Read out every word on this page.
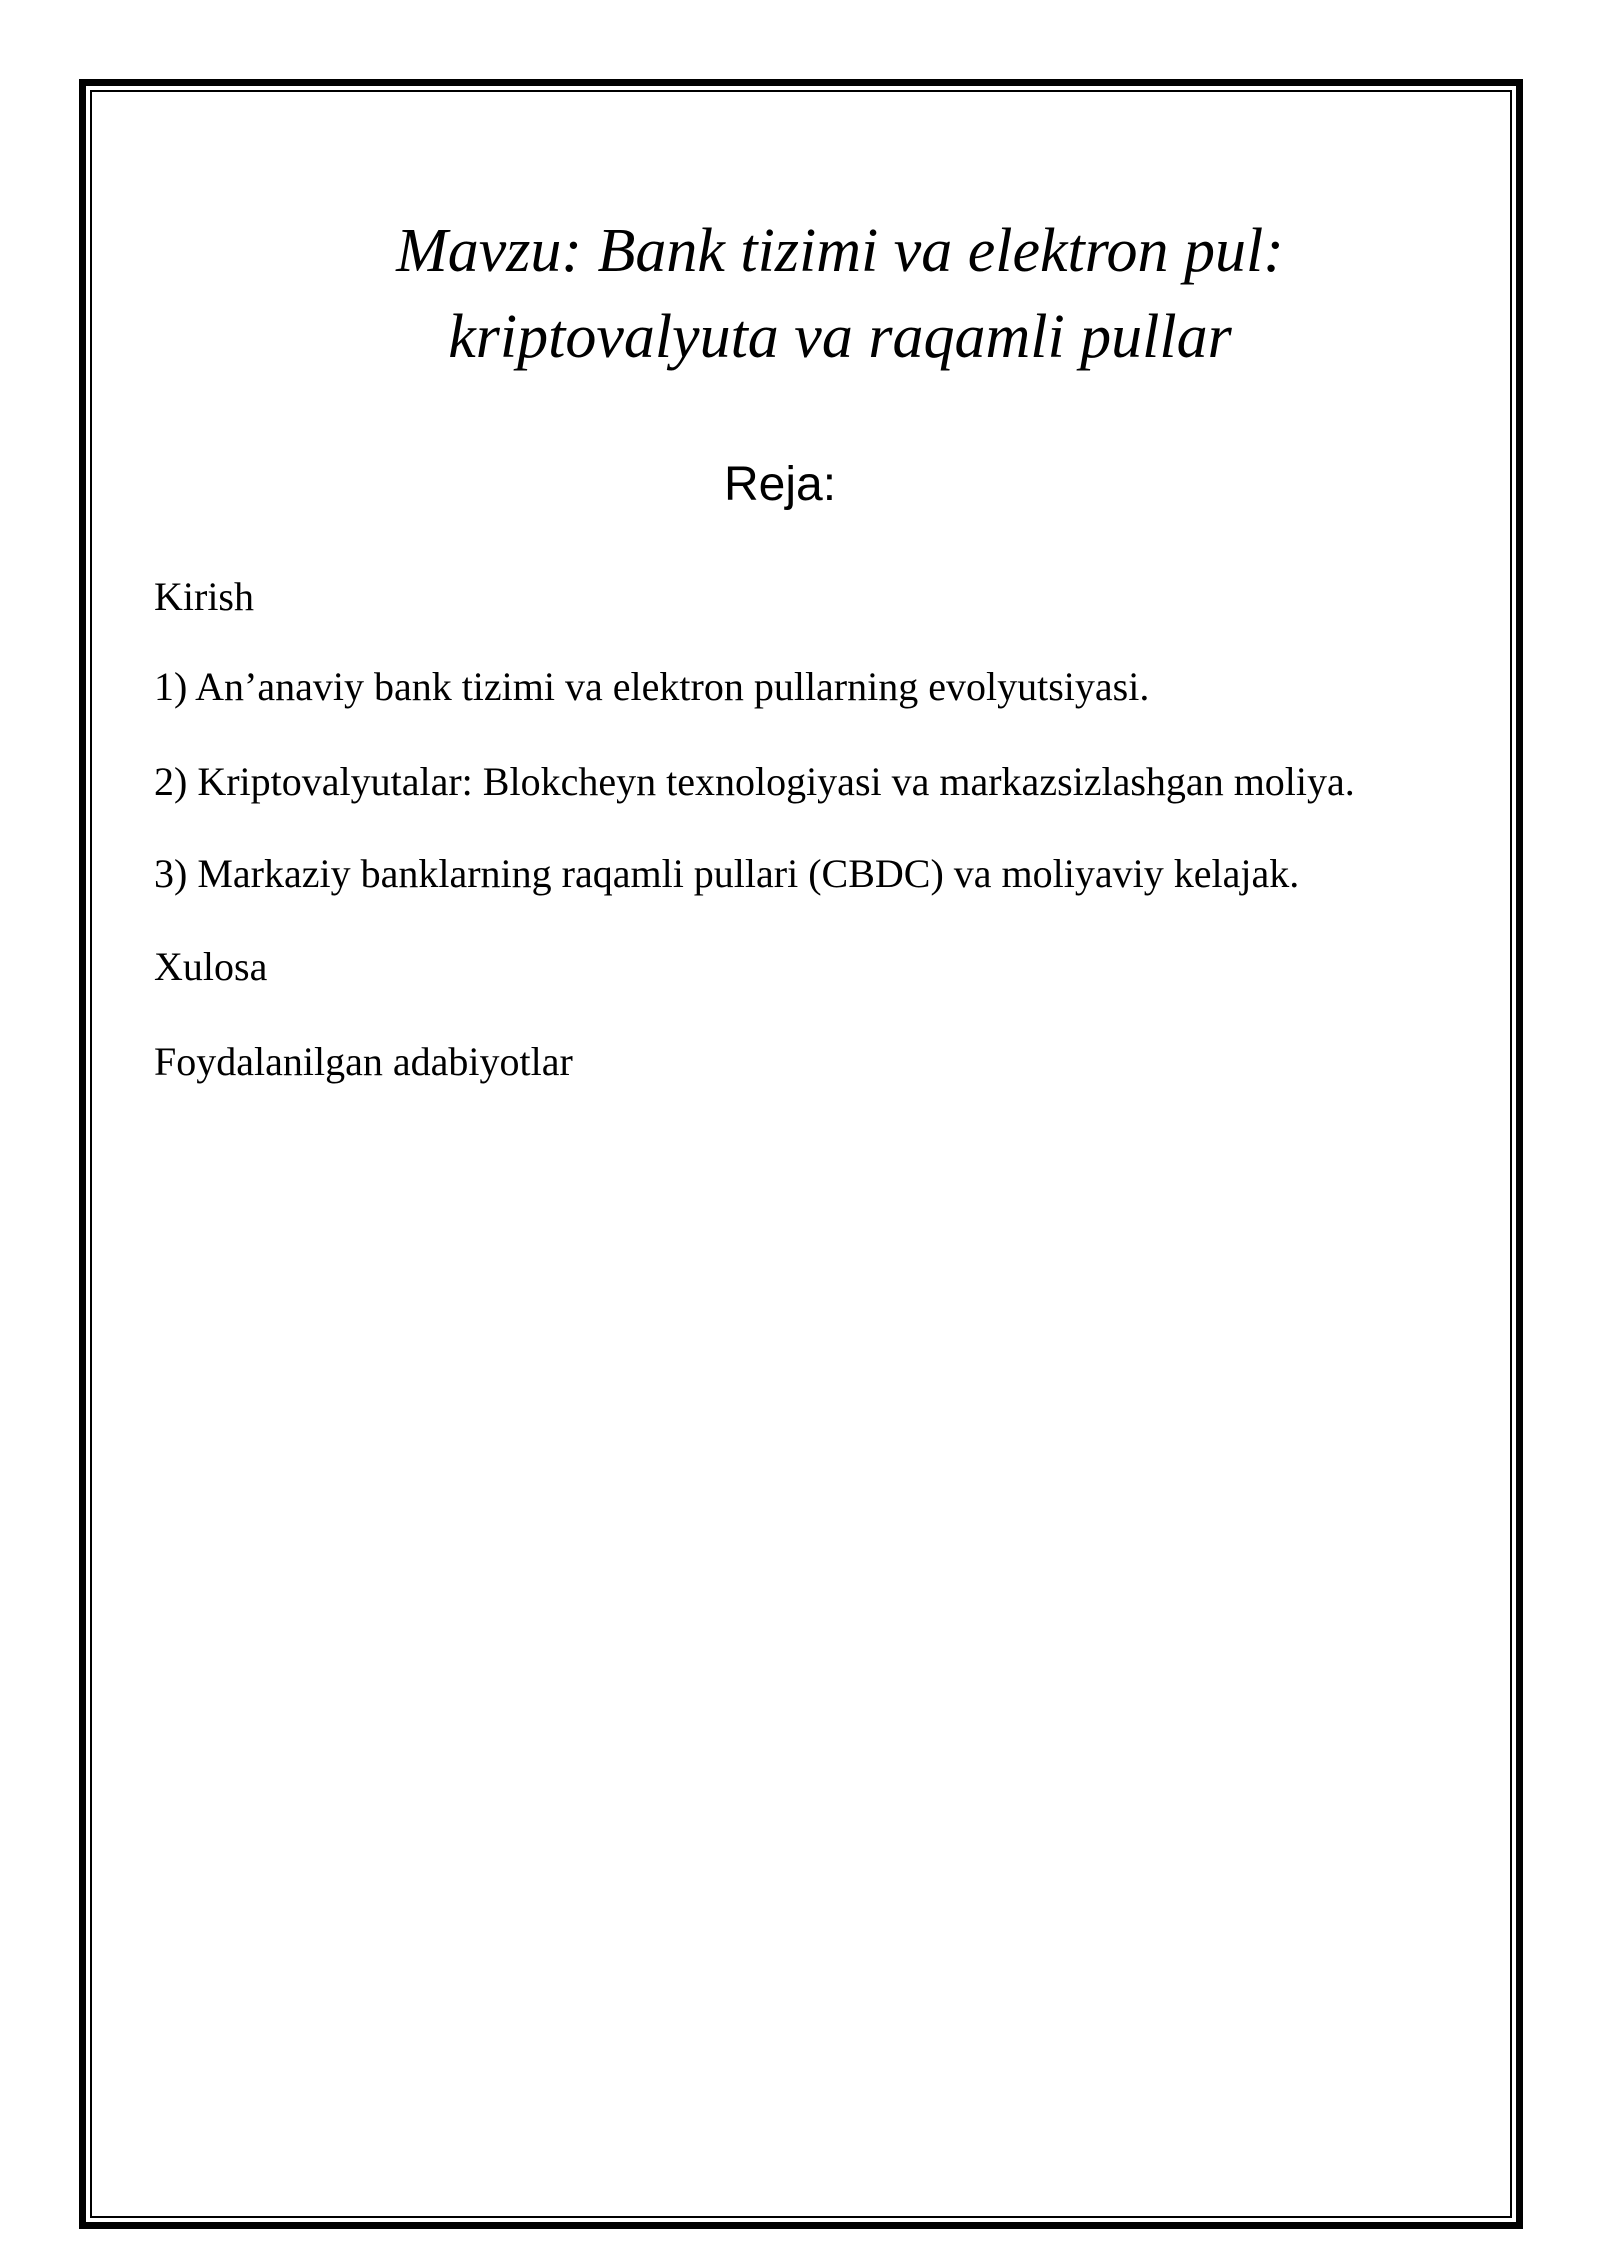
Mavzu: Bank tizimi va elektron pul:
kriptovalyuta va raqamli pullar
Reja:
Kirish
1) An’anaviy bank tizimi va elektron pullarning evolyutsiyasi.
2) Kriptovalyutalar: Blokcheyn texnologiyasi va markazsizlashgan moliya.
3) Markaziy banklarning raqamli pullari (CBDC) va moliyaviy kelajak.
Xulosa
Foydalanilgan adabiyotlar
